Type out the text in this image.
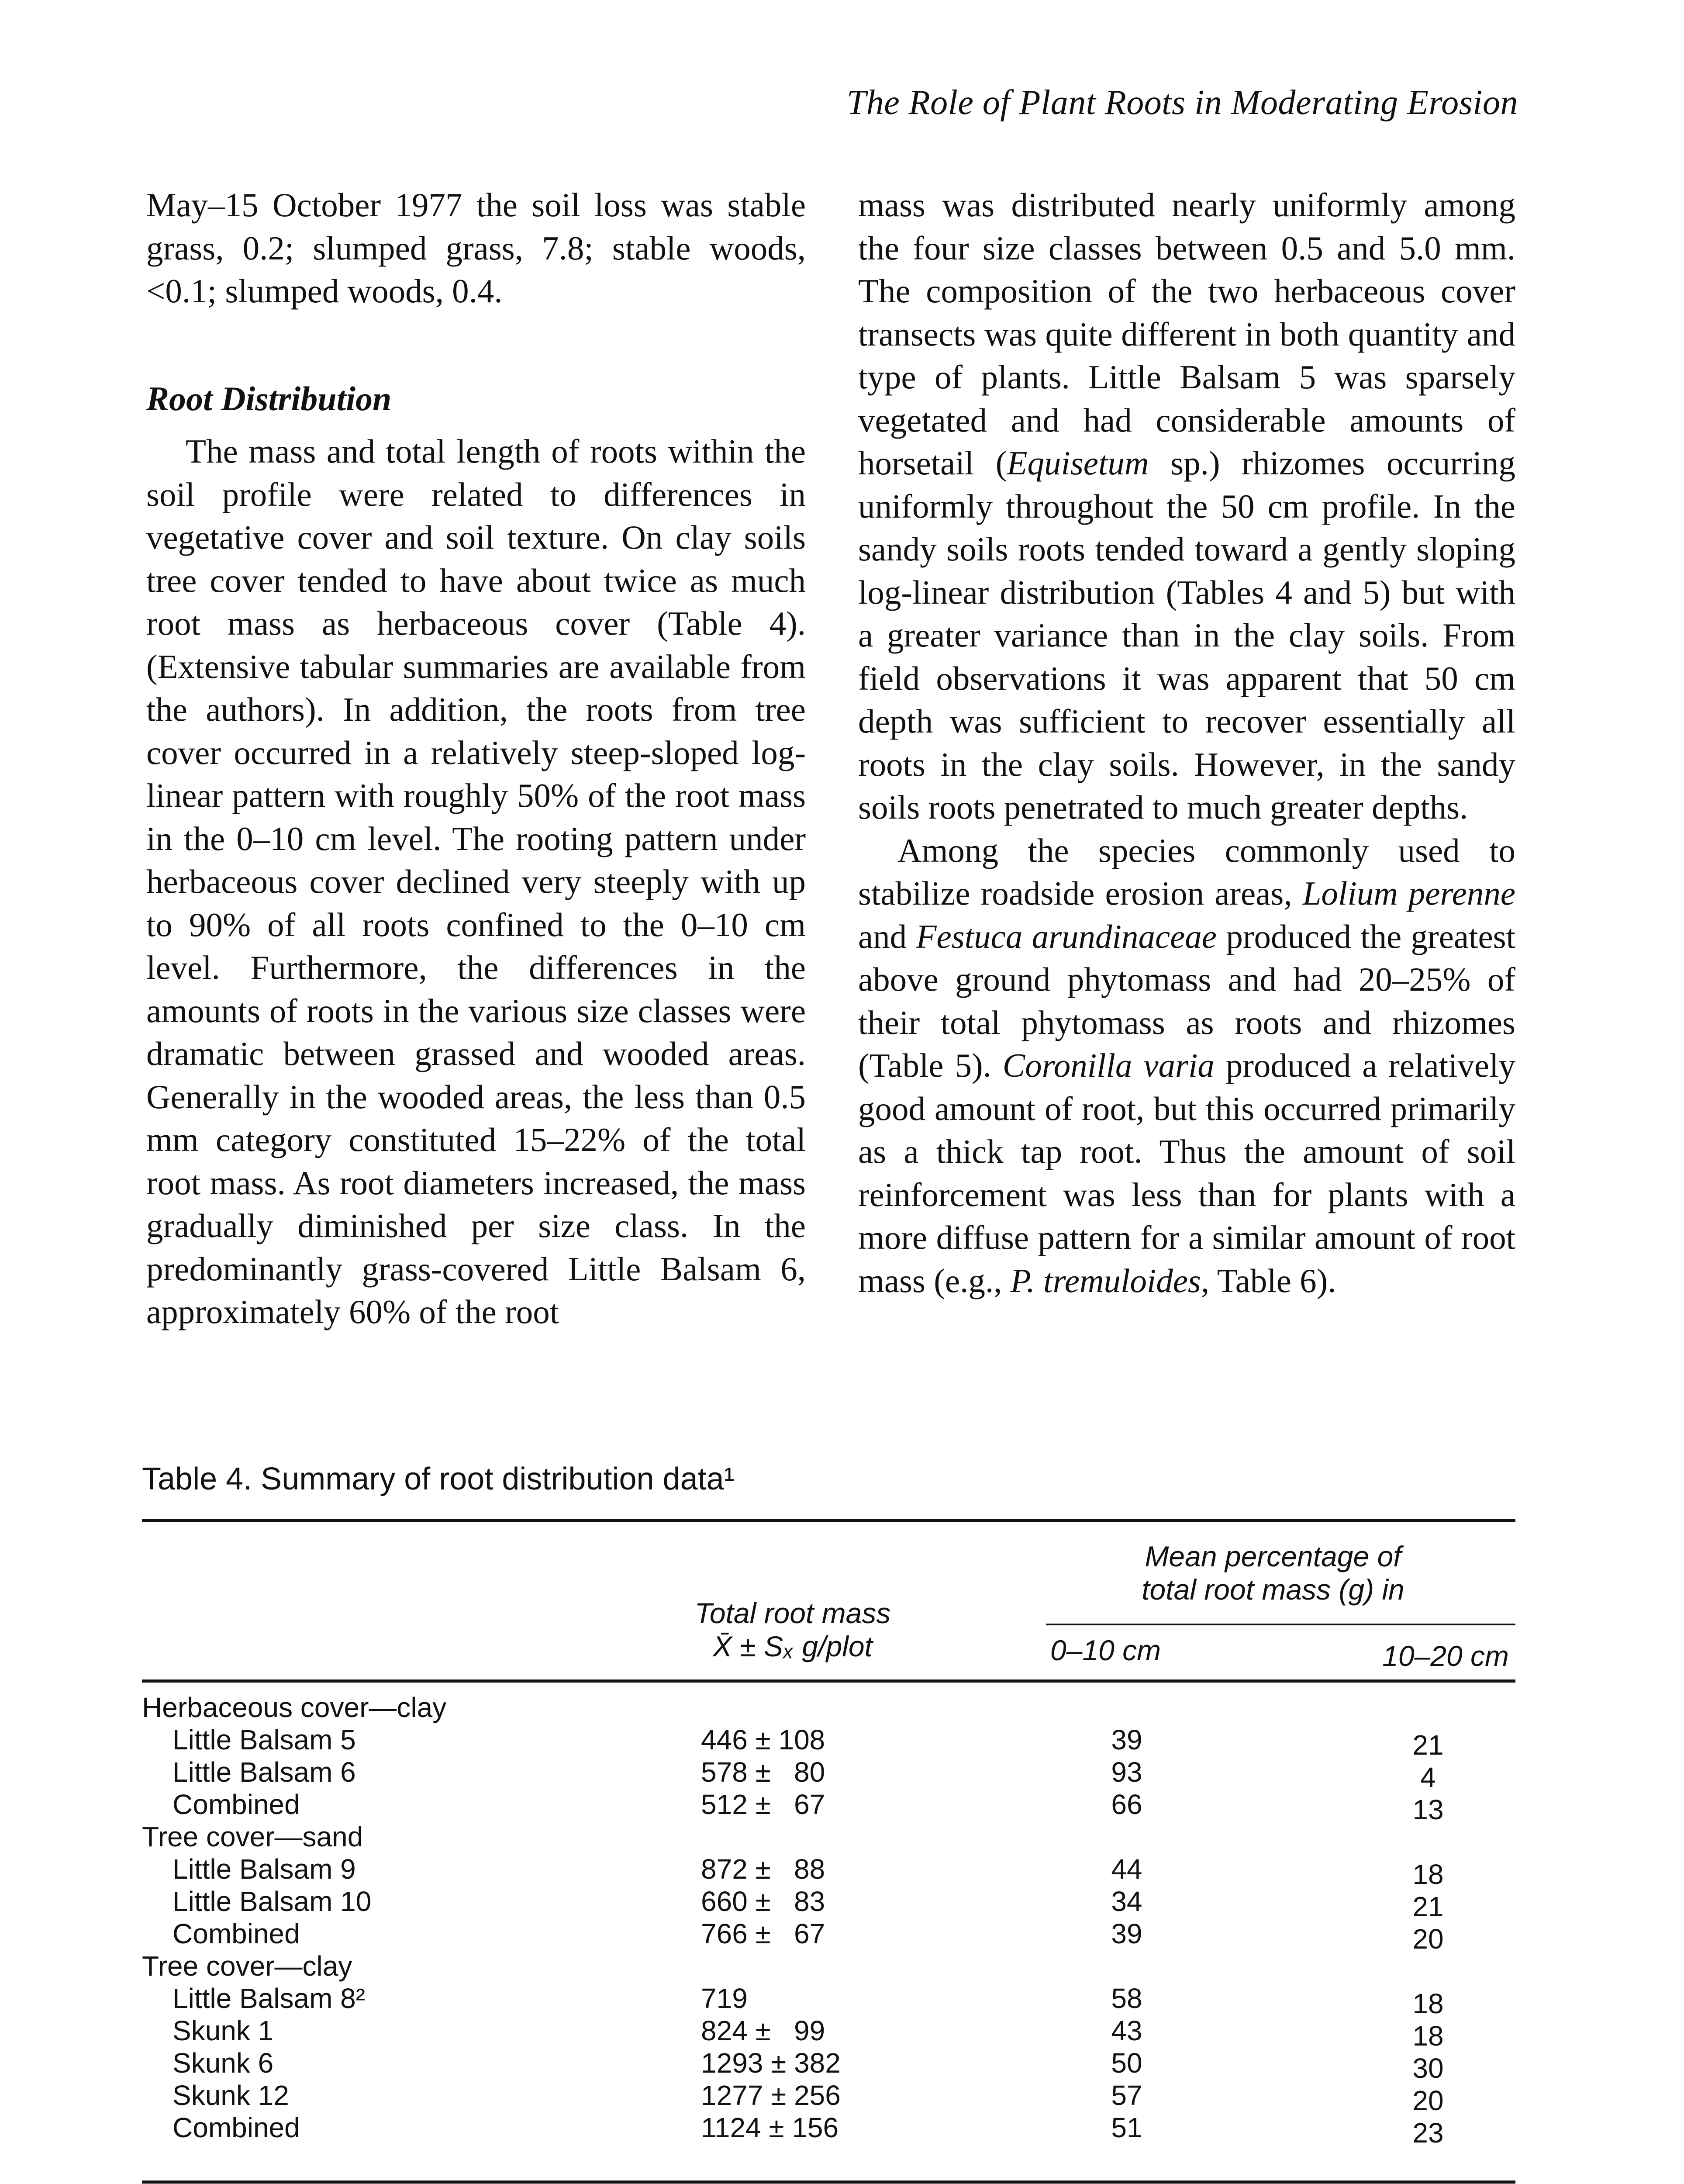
The Role of Plant Roots in Moderating Erosion

May–15 October 1977 the soil loss was stable grass, 0.2; slumped grass, 7.8; stable woods, <0.1; slumped woods, 0.4.

Root Distribution

The mass and total length of roots within the soil profile were related to differences in vegetative cover and soil texture. On clay soils tree cover tended to have about twice as much root mass as herbaceous cover (Table 4). (Extensive tabular summaries are available from the authors). In addition, the roots from tree cover occurred in a relatively steep-sloped log-linear pattern with roughly 50% of the root mass in the 0–10 cm level. The rooting pattern under herbaceous cover declined very steeply with up to 90% of all roots confined to the 0–10 cm level. Furthermore, the differences in the amounts of roots in the various size classes were dramatic between grassed and wooded areas. Generally in the wooded areas, the less than 0.5 mm category constituted 15–22% of the total root mass. As root diameters increased, the mass gradually diminished per size class. In the predominantly grass-covered Little Balsam 6, approximately 60% of the root

mass was distributed nearly uniformly among the four size classes between 0.5 and 5.0 mm. The composition of the two herbaceous cover transects was quite different in both quantity and type of plants. Little Balsam 5 was sparsely vegetated and had considerable amounts of horsetail (Equisetum sp.) rhizomes occurring uniformly throughout the 50 cm profile. In the sandy soils roots tended toward a gently sloping log-linear distribution (Tables 4 and 5) but with a greater variance than in the clay soils. From field observations it was apparent that 50 cm depth was sufficient to recover essentially all roots in the clay soils. However, in the sandy soils roots penetrated to much greater depths.

Among the species commonly used to stabilize roadside erosion areas, Lolium perenne and Festuca arundinaceae produced the greatest above ground phytomass and had 20–25% of their total phytomass as roots and rhizomes (Table 5). Coronilla varia produced a relatively good amount of root, but this occurred primarily as a thick tap root. Thus the amount of soil reinforcement was less than for plants with a more diffuse pattern for a similar amount of root mass (e.g., P. tremuloides, Table 6).

Table 4. Summary of root distribution data¹
Total root mass
X̄ ± Sₓ g/plot
Mean percentage of
total root mass (g) in
0–10 cm	10–20 cm
Herbaceous cover—clay
Little Balsam 5	446 ± 108	39	21
Little Balsam 6	578 ±   80	93	4
Combined	512 ±   67	66	13
Tree cover—sand
Little Balsam 9	872 ±   88	44	18
Little Balsam 10	660 ±   83	34	21
Combined	766 ±   67	39	20
Tree cover—clay
Little Balsam 8²	719	58	18
Skunk 1	824 ±   99	43	18
Skunk 6	1293 ± 382	50	30
Skunk 12	1277 ± 256	57	20
Combined	1124 ± 156	51	23
